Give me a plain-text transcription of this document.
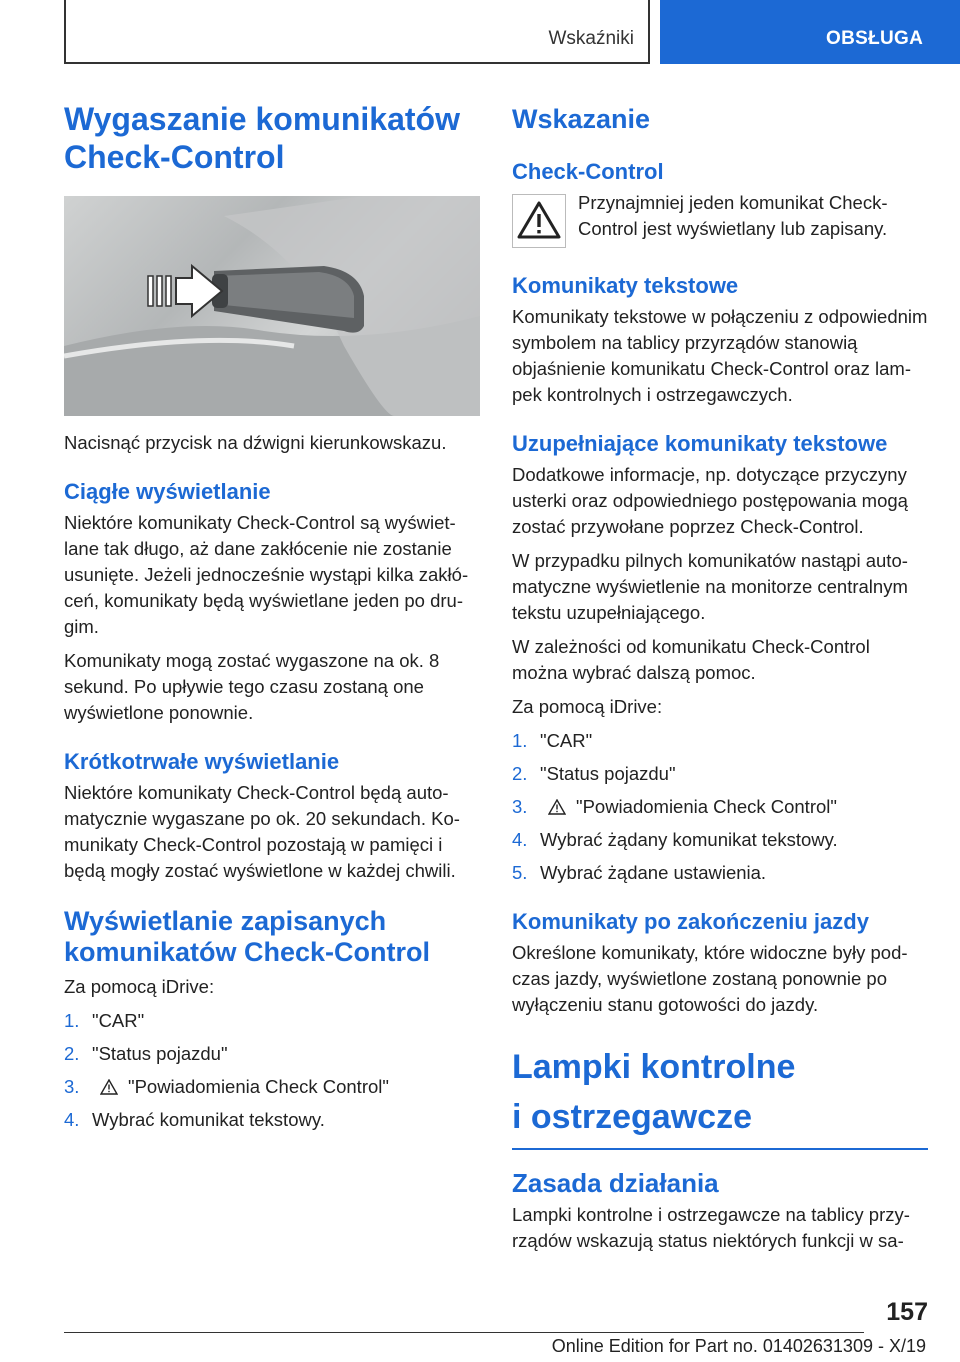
Wskaźniki	OBSŁUGA
Wygaszanie komunikatów Check-Control

Nacisnąć przycisk na dźwigni kierunkowskazu.

Ciągłe wyświetlanie

Niektóre komunikaty Check-Control są wyświetlane tak długo, aż dane zakłócenie nie zostanie usunięte. Jeżeli jednocześnie wystąpi kilka zakłóceń, komunikaty będą wyświetlane jeden po drugim.

Komunikaty mogą zostać wygaszone na ok. 8 sekund. Po upływie tego czasu zostaną one wyświetlone ponownie.

Krótkotrwałe wyświetlanie

Niektóre komunikaty Check-Control będą automatycznie wygaszane po ok. 20 sekundach. Komunikaty Check-Control pozostają w pamięci i będą mogły zostać wyświetlone w każdej chwili.

Wyświetlanie zapisanych komunikatów Check-Control

Za pomocą iDrive:

1. "CAR"
2. "Status pojazdu"
3.	"Powiadomienia Check Control"
4. Wybrać komunikat tekstowy.
Wskazanie
Check-Control

Przynajmniej jeden komunikat Check-Control jest wyświetlany lub zapisany.

Komunikaty tekstowe

Komunikaty tekstowe w połączeniu z odpowiednim symbolem na tablicy przyrządów stanowią objaśnienie komunikatu Check-Control oraz lampek kontrolnych i ostrzegawczych.

Uzupełniające komunikaty tekstowe

Dodatkowe informacje, np. dotyczące przyczyny usterki oraz odpowiedniego postępowania mogą zostać przywołane poprzez Check-Control.

W przypadku pilnych komunikatów nastąpi automatyczne wyświetlenie na monitorze centralnym tekstu uzupełniającego.

W zależności od komunikatu Check-Control można wybrać dalszą pomoc.

Za pomocą iDrive:

1. "CAR"
2. "Status pojazdu"
3.	"Powiadomienia Check Control"
4. Wybrać żądany komunikat tekstowy.
5. Wybrać żądane ustawienia.
Komunikaty po zakończeniu jazdy

Określone komunikaty, które widoczne były podczas jazdy, wyświetlone zostaną ponownie po wyłączeniu stanu gotowości do jazdy.

Lampki kontrolne
i ostrzegawcze
Zasada działania

Lampki kontrolne i ostrzegawcze na tablicy przyrządów wskazują status niektórych funkcji w sa-

157
Online Edition for Part no. 01402631309 - X/19
